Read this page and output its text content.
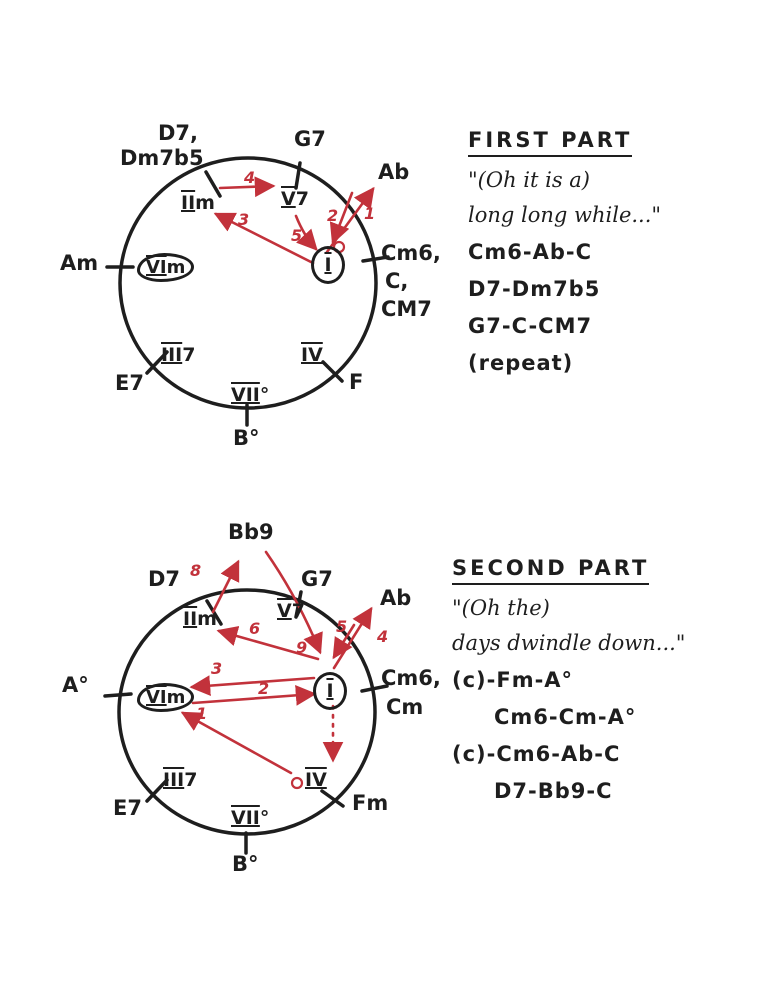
D7,
Dm7b5
G7
Ab
Am	Cm6,
C,
CM7
E7
B°
F
IIm	V7
VI m	I
III7
VII°
IV
1
2
3
4
5
FIRST PART
"(Oh it is a)
long long while..."
Cm6-Ab-C
D7-Dm7b5
G7-C-CM7
(repeat)
Bb9
D7	G7
Ab
A°	Cm6,
Cm
E7
B°
Fm
IIm	V7
VI m	I
III7
VII°
IV
1
2
3
4
5
6
8
9
SECOND PART
"(Oh the)
days dwindle down..."
(c)-Fm-A°
Cm6-Cm-A°
(c)-Cm6-Ab-C
D7-Bb9-C
